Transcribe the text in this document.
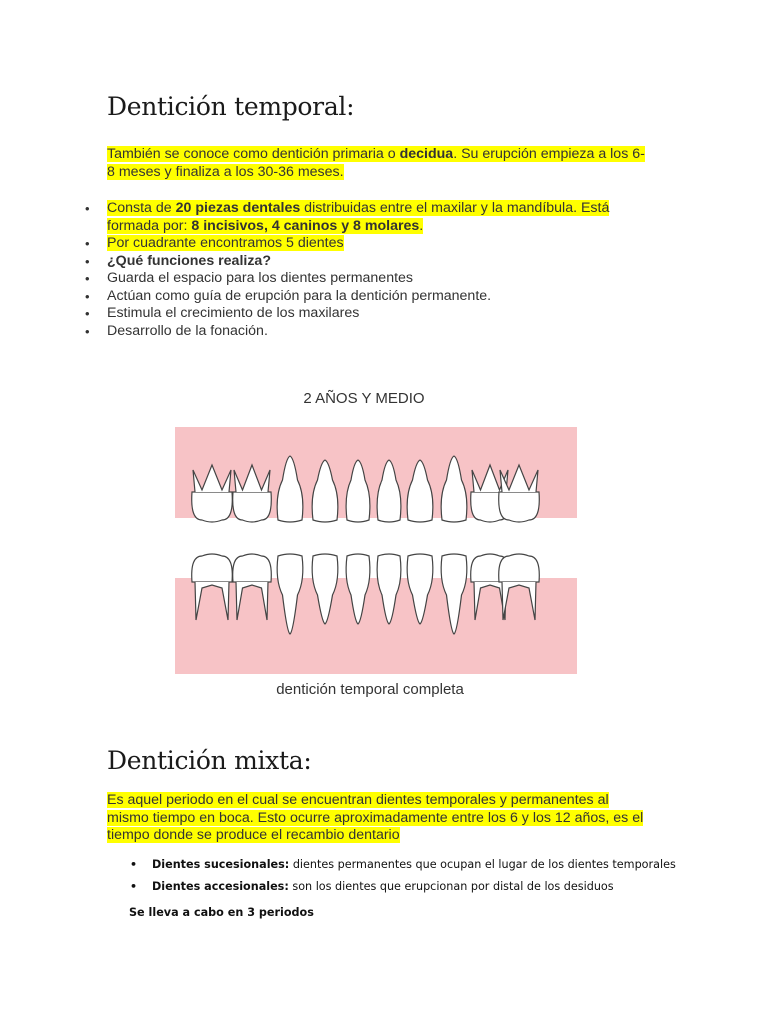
Dentición temporal:

También se conoce como dentición primaria o decidua. Su erupción empieza a los 6-8 meses y finaliza a los 30-36 meses.

• Consta de 20 piezas dentales distribuidas entre el maxilar y la mandíbula. Está formada por: 8 incisivos, 4 caninos y 8 molares.
• Por cuadrante encontramos 5 dientes
• ¿Qué funciones realiza?
• Guarda el espacio para los dientes permanentes
• Actúan como guía de erupción para la dentición permanente.
• Estimula el crecimiento de los maxilares
• Desarrollo de la fonación.
2 AÑOS Y MEDIO
dentición temporal completa
Dentición mixta:

Es aquel periodo en el cual se encuentran dientes temporales y permanentes al mismo tiempo en boca. Esto ocurre aproximadamente entre los 6 y los 12 años, es el tiempo donde se produce el recambio dentario

• Dientes sucesionales: dientes permanentes que ocupan el lugar de los dientes temporales
• Dientes accesionales: son los dientes que erupcionan por distal de los desiduos

Se lleva a cabo en 3 periodos
